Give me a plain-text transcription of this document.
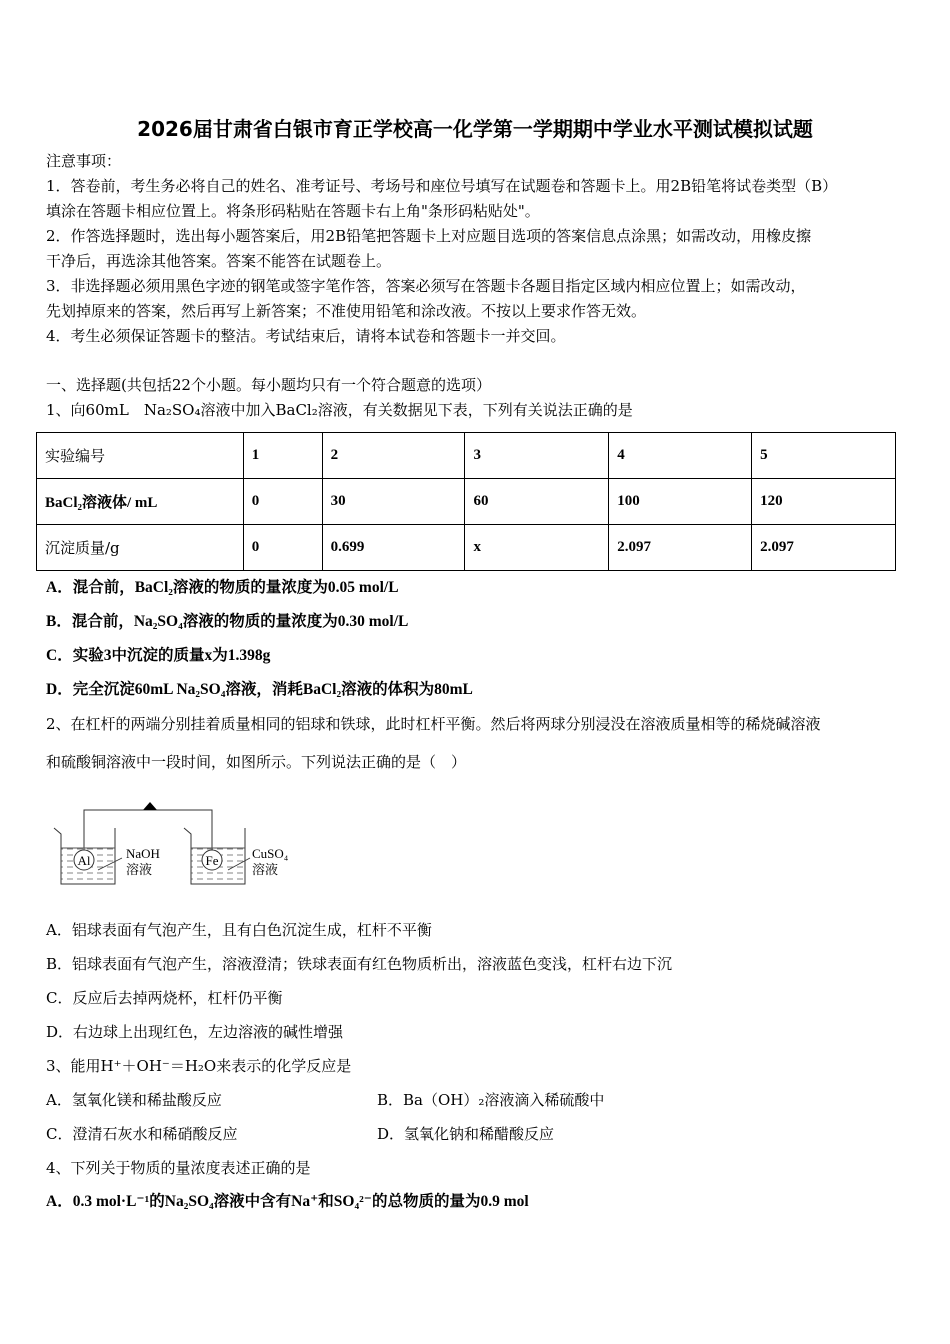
2026届甘肃省白银市育正学校高一化学第一学期期中学业水平测试模拟试题
注意事项：
1．答卷前，考生务必将自己的姓名、准考证号、考场号和座位号填写在试题卷和答题卡上。用2B铅笔将试卷类型（B）
填涂在答题卡相应位置上。将条形码粘贴在答题卡右上角"条形码粘贴处"。
2．作答选择题时，选出每小题答案后，用2B铅笔把答题卡上对应题目选项的答案信息点涂黑；如需改动，用橡皮擦
干净后，再选涂其他答案。答案不能答在试题卷上。
3．非选择题必须用黑色字迹的钢笔或签字笔作答，答案必须写在答题卡各题目指定区域内相应位置上；如需改动，
先划掉原来的答案，然后再写上新答案；不准使用铅笔和涂改液。不按以上要求作答无效。
4．考生必须保证答题卡的整洁。考试结束后，请将本试卷和答题卡一并交回。
一、选择题(共包括22个小题。每小题均只有一个符合题意的选项）
1、向60mL　Na₂SO₄溶液中加入BaCl₂溶液，有关数据见下表，下列有关说法正确的是
实验编号	1	2	3	4	5
BaCl₂溶液体/ mL	0	30	60	100	120
沉淀质量/g	0	0.699	x	2.097	2.097
A．混合前，BaCl₂溶液的物质的量浓度为0.05 mol/L
B．混合前，Na₂SO₄溶液的物质的量浓度为0.30 mol/L
C．实验3中沉淀的质量x为1.398g
D．完全沉淀60mL Na₂SO₄溶液，消耗BaCl₂溶液的体积为80mL
2、在杠杆的两端分别挂着质量相同的铝球和铁球，此时杠杆平衡。然后将两球分别浸没在溶液质量相等的稀烧碱溶液
和硫酸铜溶液中一段时间，如图所示。下列说法正确的是（　）
Al	NaOH
溶液
Fe	CuSO₄
溶液
A．铝球表面有气泡产生，且有白色沉淀生成，杠杆不平衡
B．铝球表面有气泡产生，溶液澄清；铁球表面有红色物质析出，溶液蓝色变浅，杠杆右边下沉
C．反应后去掉两烧杯，杠杆仍平衡
D．右边球上出现红色，左边溶液的碱性增强
3、能用H⁺＋OH⁻＝H₂O来表示的化学反应是
A．氢氧化镁和稀盐酸反应	B．Ba（OH）₂溶液滴入稀硫酸中
C．澄清石灰水和稀硝酸反应	D．氢氧化钠和稀醋酸反应
4、下列关于物质的量浓度表述正确的是
A．0.3 mol·L⁻¹的Na₂SO₄溶液中含有Na⁺和SO₄²⁻的总物质的量为0.9 mol
